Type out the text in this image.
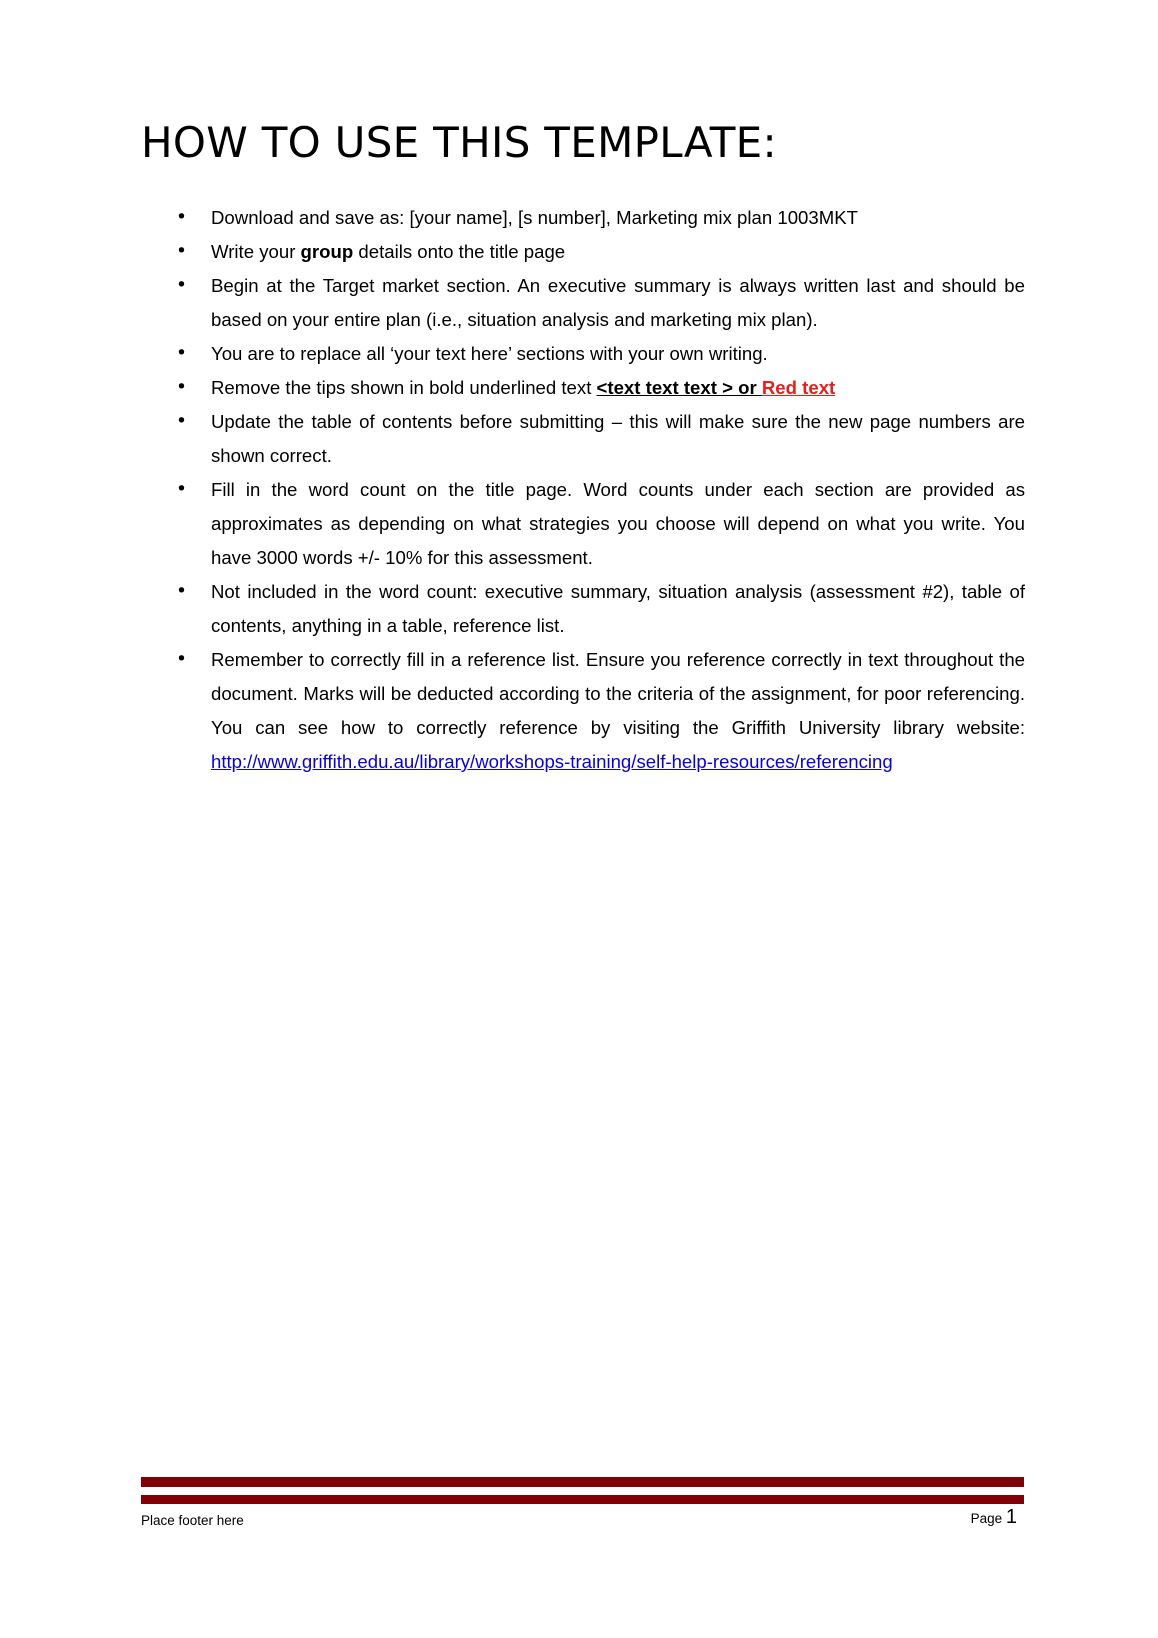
HOW TO USE THIS TEMPLATE:
• Download and save as: [your name], [s number], Marketing mix plan 1003MKT
• Write your group details onto the title page
• Begin at the Target market section. An executive summary is always written last and should be based on your entire plan (i.e., situation analysis and marketing mix plan).
• You are to replace all ‘your text here’ sections with your own writing.
• Remove the tips shown in bold underlined text <text text text > or Red text
• Update the table of contents before submitting – this will make sure the new page numbers are shown correct.
• Fill in the word count on the title page. Word counts under each section are provided as approximates as depending on what strategies you choose will depend on what you write. You have 3000 words +/- 10% for this assessment.
• Not included in the word count: executive summary, situation analysis (assessment #2), table of contents, anything in a table, reference list.
• Remember to correctly fill in a reference list. Ensure you reference correctly in text throughout the document. Marks will be deducted according to the criteria of the assignment, for poor referencing. You can see how to correctly reference by visiting the Griffith University library website: http://www.griffith.edu.au/library/workshops-training/self-help-resources/referencing
Place footer here	Page 1
